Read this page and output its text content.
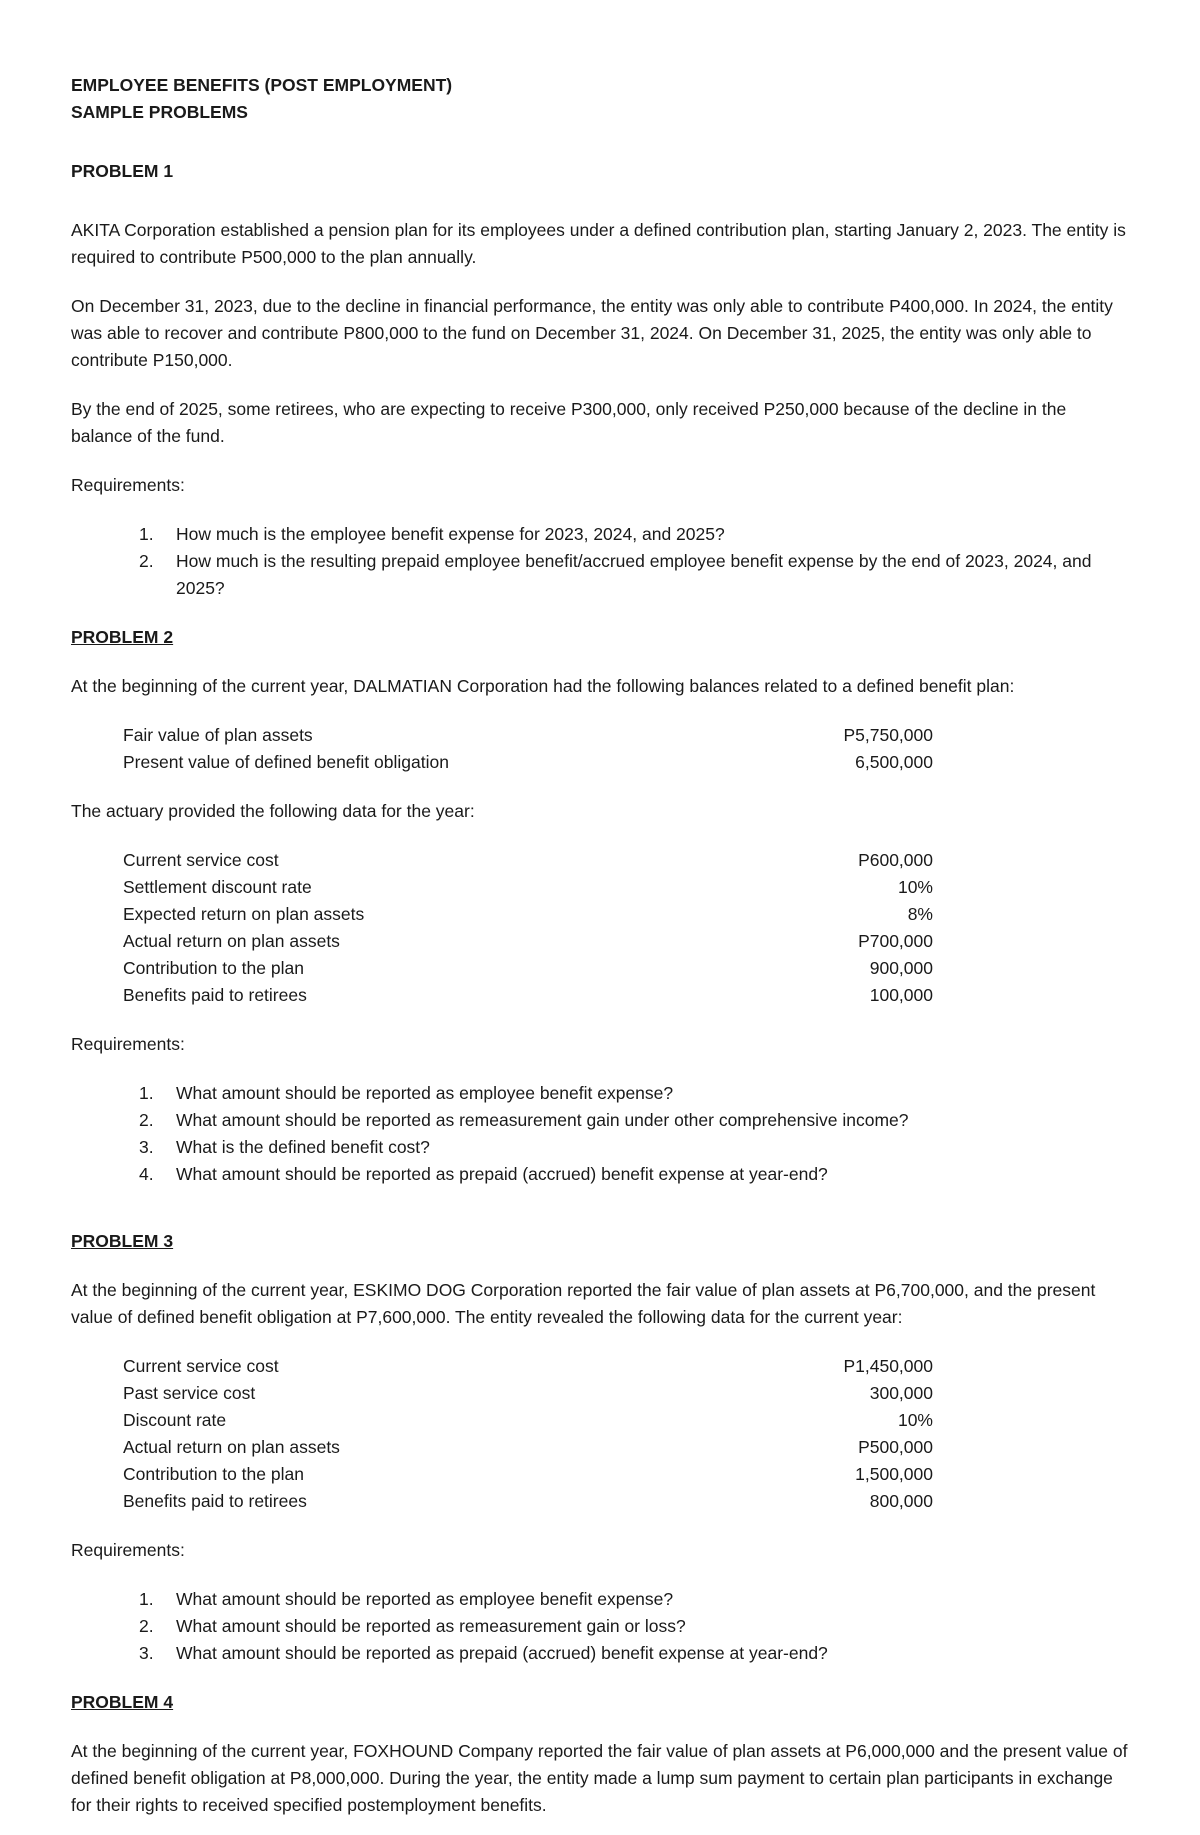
EMPLOYEE BENEFITS (POST EMPLOYMENT)

SAMPLE PROBLEMS

PROBLEM 1

AKITA Corporation established a pension plan for its employees under a defined contribution plan, starting January 2, 2023. The entity is required to contribute P500,000 to the plan annually.

On December 31, 2023, due to the decline in financial performance, the entity was only able to contribute P400,000. In 2024, the entity was able to recover and contribute P800,000 to the fund on December 31, 2024. On December 31, 2025, the entity was only able to contribute P150,000.

By the end of 2025, some retirees, who are expecting to receive P300,000, only received P250,000 because of the decline in the balance of the fund.

Requirements:

1.	How much is the employee benefit expense for 2023, 2024, and 2025?
2.	How much is the resulting prepaid employee benefit/accrued employee benefit expense by the end of 2023, 2024, and 2025?

PROBLEM 2

At the beginning of the current year, DALMATIAN Corporation had the following balances related to a defined benefit plan:

Fair value of plan assets	P5,750,000
Present value of defined benefit obligation	6,500,000

The actuary provided the following data for the year:

Current service cost	P600,000
Settlement discount rate	10%
Expected return on plan assets	8%
Actual return on plan assets	P700,000
Contribution to the plan	900,000
Benefits paid to retirees	100,000

Requirements:

1.	What amount should be reported as employee benefit expense?
2.	What amount should be reported as remeasurement gain under other comprehensive income?
3.	What is the defined benefit cost?
4.	What amount should be reported as prepaid (accrued) benefit expense at year-end?

PROBLEM 3

At the beginning of the current year, ESKIMO DOG Corporation reported the fair value of plan assets at P6,700,000, and the present value of defined benefit obligation at P7,600,000. The entity revealed the following data for the current year:

Current service cost	P1,450,000
Past service cost	300,000
Discount rate	10%
Actual return on plan assets	P500,000
Contribution to the plan	1,500,000
Benefits paid to retirees	800,000

Requirements:

1.	What amount should be reported as employee benefit expense?
2.	What amount should be reported as remeasurement gain or loss?
3.	What amount should be reported as prepaid (accrued) benefit expense at year-end?

PROBLEM 4

At the beginning of the current year, FOXHOUND Company reported the fair value of plan assets at P6,000,000 and the present value of defined benefit obligation at P8,000,000. During the year, the entity made a lump sum payment to certain plan participants in exchange for their rights to received specified postemployment benefits.
